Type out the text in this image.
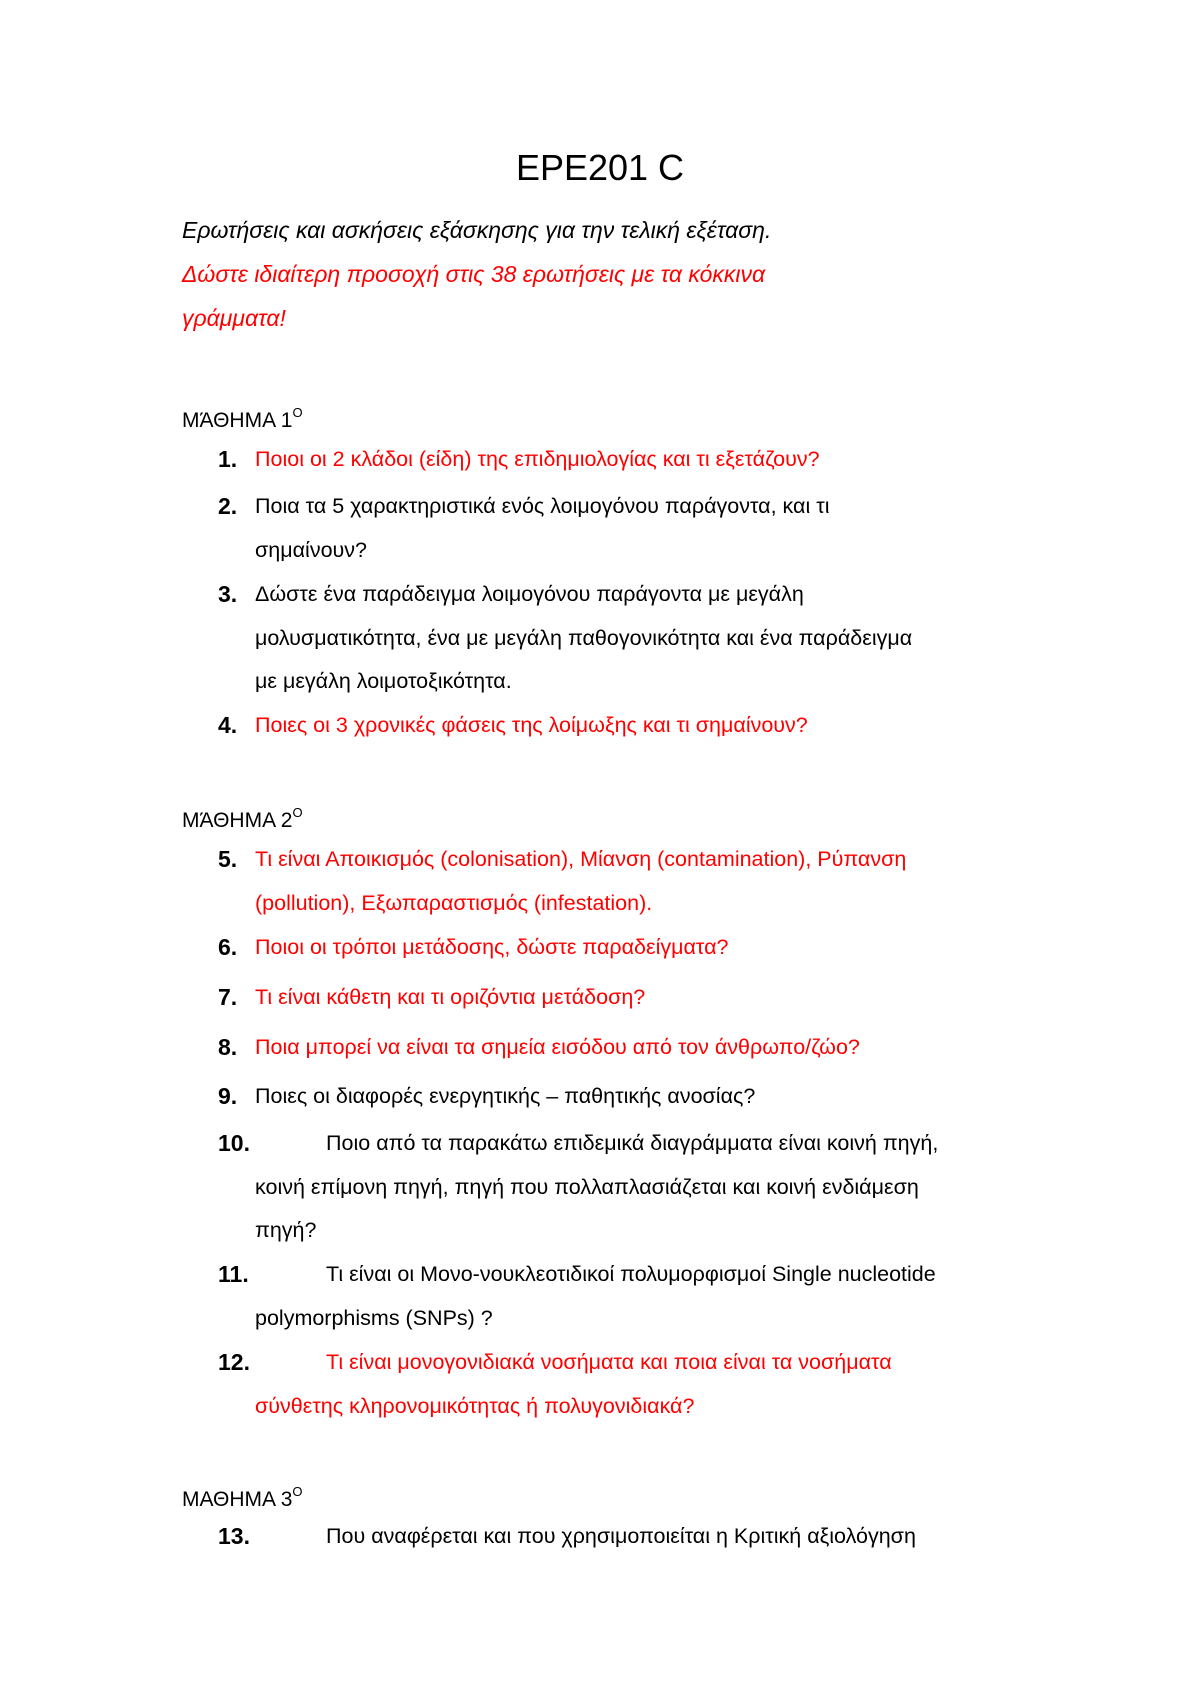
EPE201 C

Ερωτήσεις και ασκήσεις εξάσκησης για την τελική εξέταση.

Δώστε ιδιαίτερη προσοχή στις 38 ερωτήσεις με τα κόκκινα
γράμματα!

ΜΆΘΗΜΑ $1^O$
1. Ποιοι οι 2 κλάδοι (είδη) της επιδημιολογίας και τι εξετάζουν?
2. Ποια τα 5 χαρακτηριστικά ενός λοιμογόνου παράγοντα, και τι
σημαίνουν?
3. Δώστε ένα παράδειγμα λοιμογόνου παράγοντα με μεγάλη
μολυσματικότητα, ένα με μεγάλη παθογονικότητα και ένα παράδειγμα
με μεγάλη λοιμοτοξικότητα.
4. Ποιες οι 3 χρονικές φάσεις της λοίμωξης και τι σημαίνουν?
ΜΆΘΗΜΑ $2^O$
5. Τι είναι Αποικισμός (colonisation), Μίανση (contamination), Ρύπανση
(pollution), Εξωπαραστισμός (infestation).
6. Ποιοι οι τρόποι μετάδοσης, δώστε παραδείγματα?
7. Τι είναι κάθετη και τι οριζόντια μετάδοση?
8. Ποια μπορεί να είναι τα σημεία εισόδου από τον άνθρωπο/ζώο?
9. Ποιες οι διαφορές ενεργητικής – παθητικής ανοσίας?
10.	Ποιο από τα παρακάτω επιδεμικά διαγράμματα είναι κοινή πηγή,
κοινή επίμονη πηγή, πηγή που πολλαπλασιάζεται και κοινή ενδιάμεση
πηγή?
11.	Τι είναι οι Μονο-νουκλεοτιδικοί πολυμορφισμοί Single nucleotide
polymorphisms (SNPs) ?
12.	Τι είναι μονογονιδιακά νοσήματα και ποια είναι τα νοσήματα
σύνθετης κληρονομικότητας ή πολυγονιδιακά?
ΜΑΘΗΜΑ $3^O$
13.	Που αναφέρεται και που χρησιμοποιείται η Κριτική αξιολόγηση
